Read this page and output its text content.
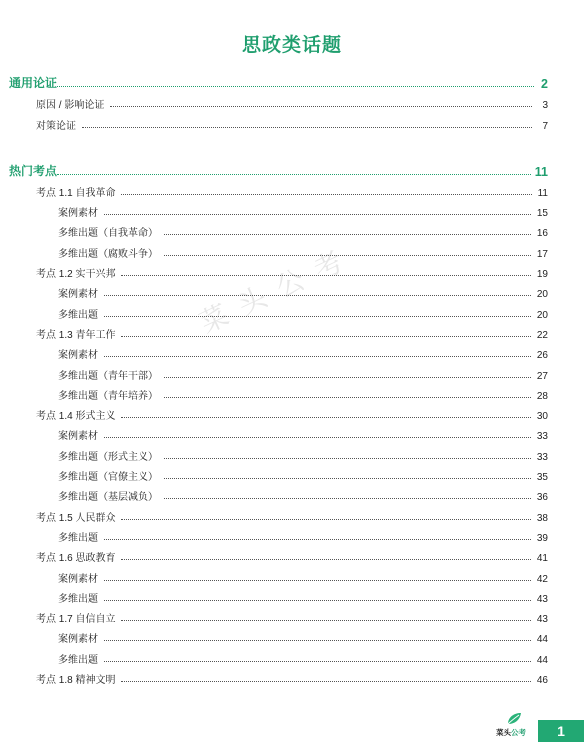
思政类话题
菜头公考
通用论证	2
原因 / 影响论证	3
对策论证	7
热门考点	11
考点 1.1 自我革命	11
案例素材	15
多维出题（自我革命）	16
多维出题（腐败斗争）	17
考点 1.2 实干兴邦	19
案例素材	20
多维出题	20
考点 1.3 青年工作	22
案例素材	26
多维出题（青年干部）	27
多维出题（青年培养）	28
考点 1.4 形式主义	30
案例素材	33
多维出题（形式主义）	33
多维出题（官僚主义）	35
多维出题（基层减负）	36
考点 1.5 人民群众	38
多维出题	39
考点 1.6 思政教育	41
案例素材	42
多维出题	43
考点 1.7 自信自立	43
案例素材	44
多维出题	44
考点 1.8 精神文明	46
菜头公考	1
